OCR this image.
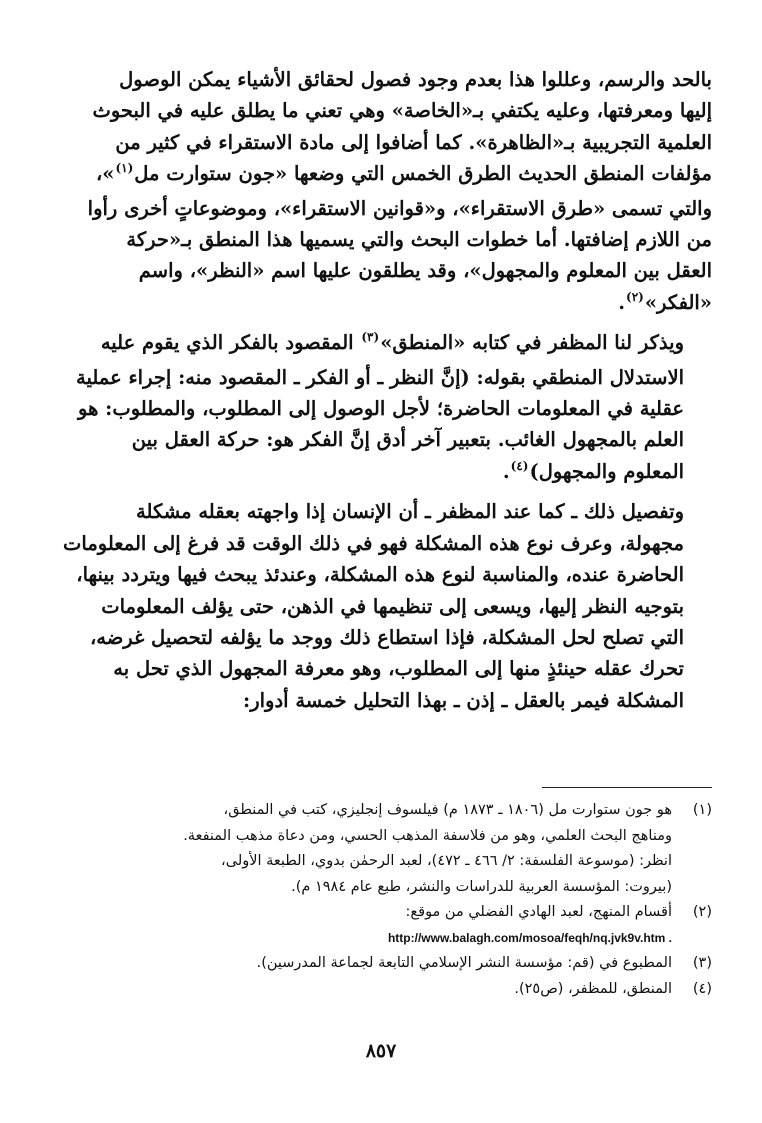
بالحد والرسم، وعللوا هذا بعدم وجود فصول لحقائق الأشياء يمكن الوصول
إليها ومعرفتها، وعليه يكتفي بـ«الخاصة» وهي تعني ما يطلق عليه في البحوث
العلمية التجريبية بـ«الظاهرة». كما أضافوا إلى مادة الاستقراء في كثير من
مؤلفات المنطق الحديث الطرق الخمس التي وضعها «جون ستوارت مل$^{(١)}$»،
والتي تسمى «طرق الاستقراء»، و«قوانين الاستقراء»، وموضوعاتٍ أخرى رأوا
من اللازم إضافتها. أما خطوات البحث والتي يسميها هذا المنطق بـ«حركة
العقل بين المعلوم والمجهول»، وقد يطلقون عليها اسم «النظر»، واسم
«الفكر»$^{(٢)}$.

ويذكر لنا المظفر في كتابه «المنطق»$^{(٣)}$ المقصود بالفكر الذي يقوم عليه
الاستدلال المنطقي بقوله: (إنَّ النظر ـ أو الفكر ـ المقصود منه: إجراء عملية
عقلية في المعلومات الحاضرة؛ لأجل الوصول إلى المطلوب، والمطلوب: هو
العلم بالمجهول الغائب. بتعبير آخر أدق إنَّ الفكر هو: حركة العقل بين
المعلوم والمجهول)$^{(٤)}$.

وتفصيل ذلك ـ كما عند المظفر ـ أن الإنسان إذا واجهته بعقله مشكلة
مجهولة، وعرف نوع هذه المشكلة فهو في ذلك الوقت قد فرغ إلى المعلومات
الحاضرة عنده، والمناسبة لنوع هذه المشكلة، وعندئذ يبحث فيها ويتردد بينها،
بتوجيه النظر إليها، ويسعى إلى تنظيمها في الذهن، حتى يؤلف المعلومات
التي تصلح لحل المشكلة، فإذا استطاع ذلك ووجد ما يؤلفه لتحصيل غرضه،
تحرك عقله حينئذٍ منها إلى المطلوب، وهو معرفة المجهول الذي تحل به
المشكلة فيمر بالعقل ـ إذن ـ بهذا التحليل خمسة أدوار:

(١)
هو جون ستوارت مل (١٨٠٦ ـ ١٨٧٣ م) فيلسوف إنجليزي، كتب في المنطق،
ومناهج البحث العلمي، وهو من فلاسفة المذهب الحسي، ومن دعاة مذهب المنفعة.
انظر: (موسوعة الفلسفة: ٢/ ٤٦٦ ـ ٤٧٢)، لعبد الرحمٰن بدوي، الطبعة الأولى،
(بيروت: المؤسسة العربية للدراسات والنشر، طبع عام ١٩٨٤ م).
(٢)
أقسام المنهج، لعبد الهادي الفضلي من موقع:
http://www.balagh.com/mosoa/feqh/nq.jvk9v.htm .
(٣)
المطبوع في (قم: مؤسسة النشر الإسلامي التابعة لجماعة المدرسين).
(٤)
المنطق، للمظفر، (ص٢٥).
٨٥٧
